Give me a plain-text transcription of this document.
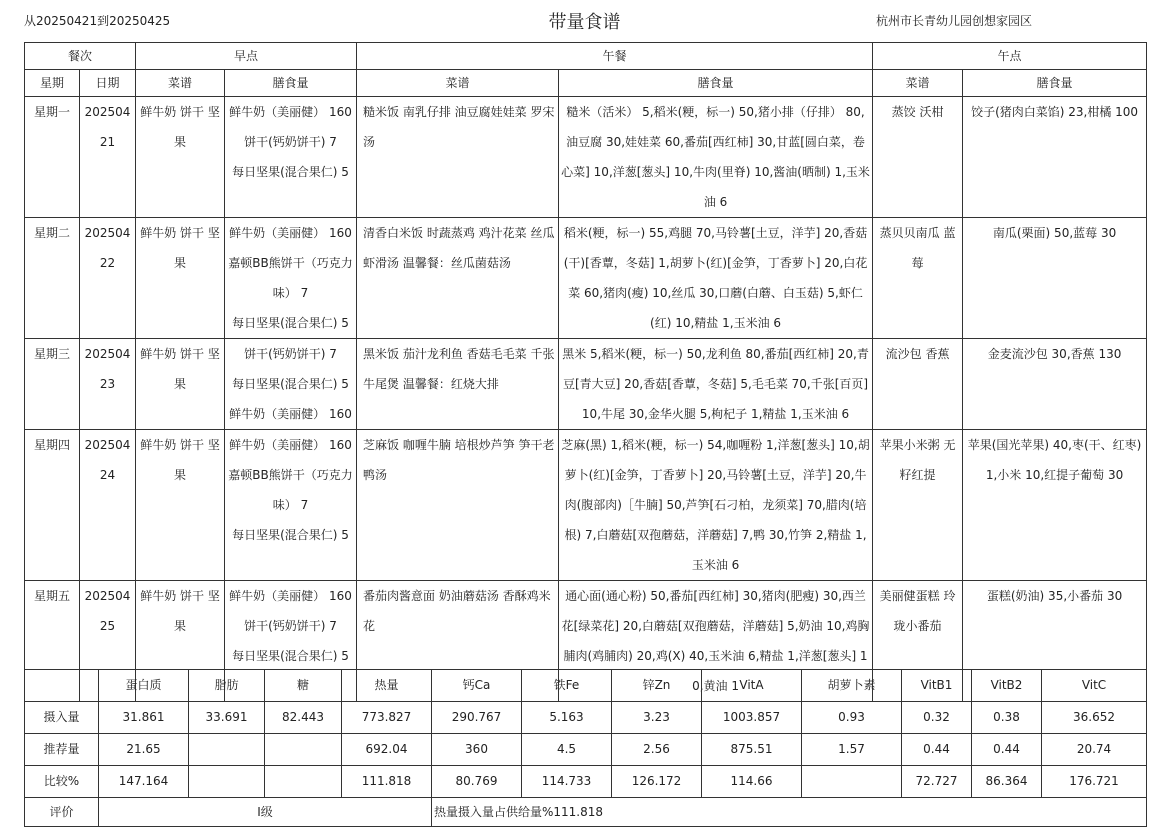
从20250421到20250425	带量食谱	杭州市长青幼儿园创想家园区
餐次		早点		午餐		午点	
星期	日期	菜谱	膳食量	菜谱	膳食量	菜谱	膳食量
星期一	20250421	鲜牛奶 饼干 坚果	鲜牛奶（美丽健） 160
饼干(钙奶饼干) 7
每日坚果(混合果仁) 5	糙米饭 南乳仔排 油豆腐娃娃菜 罗宋汤	糙米（活米） 5,稻米(粳，标一) 50,猪小排（仔排） 80,油豆腐 30,娃娃菜 60,番茄[西红柿] 30,甘蓝[圆白菜，卷心菜] 10,洋葱[葱头] 10,牛肉(里脊) 10,酱油(晒制) 1,玉米油 6	蒸饺 沃柑	饺子(猪肉白菜馅) 23,柑橘 100
星期二	20250422	鲜牛奶 饼干 坚果	鲜牛奶（美丽健） 160
嘉顿BB熊饼干（巧克力味） 7
每日坚果(混合果仁) 5	清香白米饭 时蔬蒸鸡 鸡汁花菜 丝瓜虾滑汤 温馨餐：丝瓜菌菇汤	稻米(粳，标一) 55,鸡腿 70,马铃薯[土豆，洋芋] 20,香菇(干)[香蕈，冬菇] 1,胡萝卜(红)[金笋，丁香萝卜] 20,白花菜 60,猪肉(瘦) 10,丝瓜 30,口蘑(白蘑、白玉菇) 5,虾仁(红) 10,精盐 1,玉米油 6	蒸贝贝南瓜 蓝莓	南瓜(栗面) 50,蓝莓 30
星期三	20250423	鲜牛奶 饼干 坚果	饼干(钙奶饼干) 7
每日坚果(混合果仁) 5
鲜牛奶（美丽健） 160	黑米饭 茄汁龙利鱼 香菇毛毛菜 千张牛尾煲 温馨餐：红烧大排	黑米 5,稻米(粳，标一) 50,龙利鱼 80,番茄[西红柿] 20,青豆[青大豆] 20,香菇[香蕈，冬菇] 5,毛毛菜 70,千张[百页] 10,牛尾 30,金华火腿 5,枸杞子 1,精盐 1,玉米油 6	流沙包 香蕉	金麦流沙包 30,香蕉 130
星期四	20250424	鲜牛奶 饼干 坚果	鲜牛奶（美丽健） 160
嘉顿BB熊饼干（巧克力味） 7
每日坚果(混合果仁) 5	芝麻饭 咖喱牛腩 培根炒芦笋 笋干老鸭汤	芝麻(黑) 1,稻米(粳，标一) 54,咖喱粉 1,洋葱[葱头] 10,胡萝卜(红)[金笋，丁香萝卜] 20,马铃薯[土豆，洋芋] 20,牛肉(腹部肉)［牛腩] 50,芦笋[石刁柏，龙须菜] 70,腊肉(培根) 7,白蘑菇[双孢蘑菇，洋蘑菇] 7,鸭 30,竹笋 2,精盐 1,玉米油 6	苹果小米粥 无籽红提	苹果(国光苹果) 40,枣(干、红枣) 1,小米 10,红提子葡萄 30
星期五	20250425	鲜牛奶 饼干 坚果	鲜牛奶（美丽健） 160
饼干(钙奶饼干) 7
每日坚果(混合果仁) 5	番茄肉酱意面 奶油蘑菇汤 香酥鸡米花	通心面(通心粉) 50,番茄[西红柿] 30,猪肉(肥瘦) 30,西兰花[绿菜花] 20,白蘑菇[双孢蘑菇，洋蘑菇] 5,奶油 10,鸡胸脯肉(鸡脯肉) 20,鸡(X) 40,玉米油 6,精盐 1,洋葱[葱头] 10,黄油 1	美丽健蛋糕 玲珑小番茄	蛋糕(奶油) 35,小番茄 30
	蛋白质	脂肪	糖	热量	钙Ca	铁Fe	锌Zn	VitA	胡萝卜素	VitB1	VitB2	VitC
摄入量	31.861	33.691	82.443	773.827	290.767	5.163	3.23	1003.857	0.93	0.32	0.38	36.652
推荐量	21.65			692.04	360	4.5	2.56	875.51	1.57	0.44	0.44	20.74
比较%	147.164			111.818	80.769	114.733	126.172	114.66		72.727	86.364	176.721
评价	I级				热量摄入量占供给量%111.818							
